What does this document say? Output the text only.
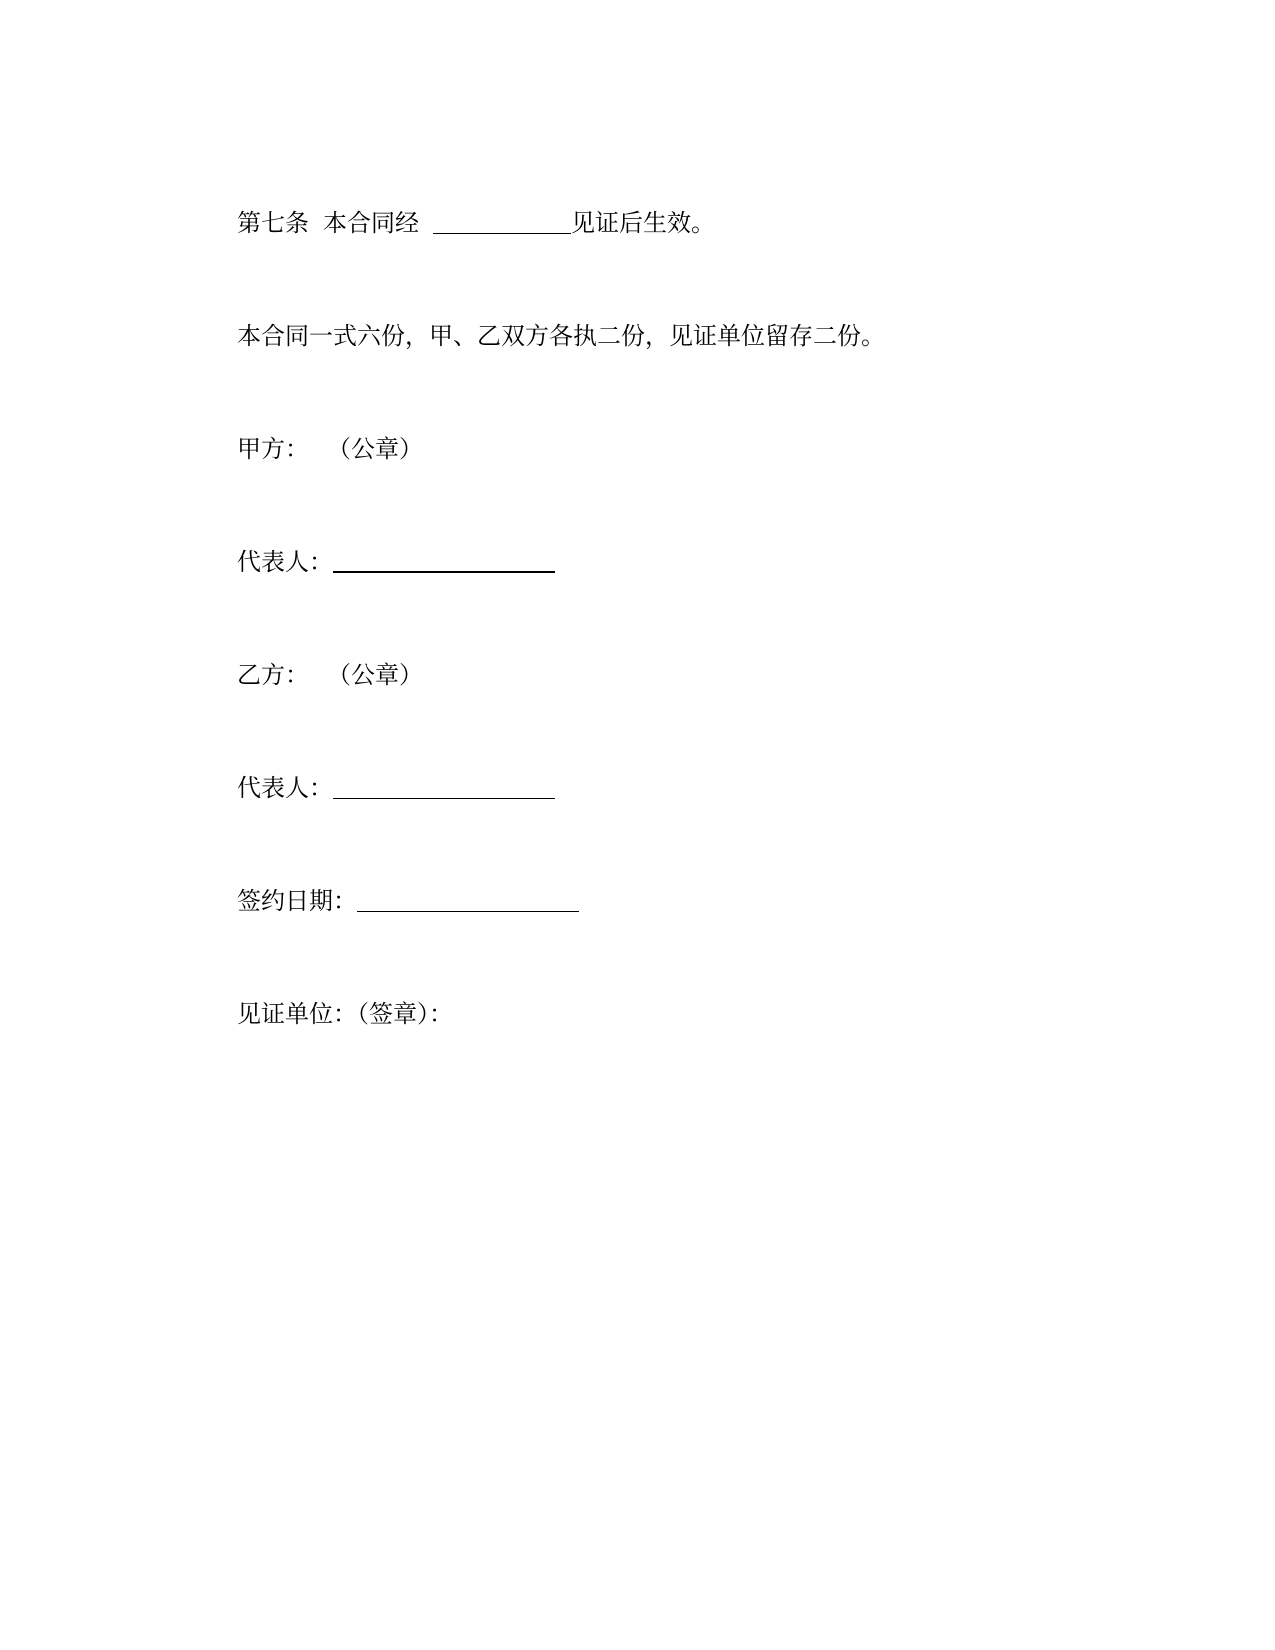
第七条 本合同经	见证后生效。
本合同一式六份，甲、乙双方各执二份，见证单位留存二份。
甲方： （公章）
代表人：
乙方： （公章）
代表人：
签约日期：
见证单位：（签章）：
